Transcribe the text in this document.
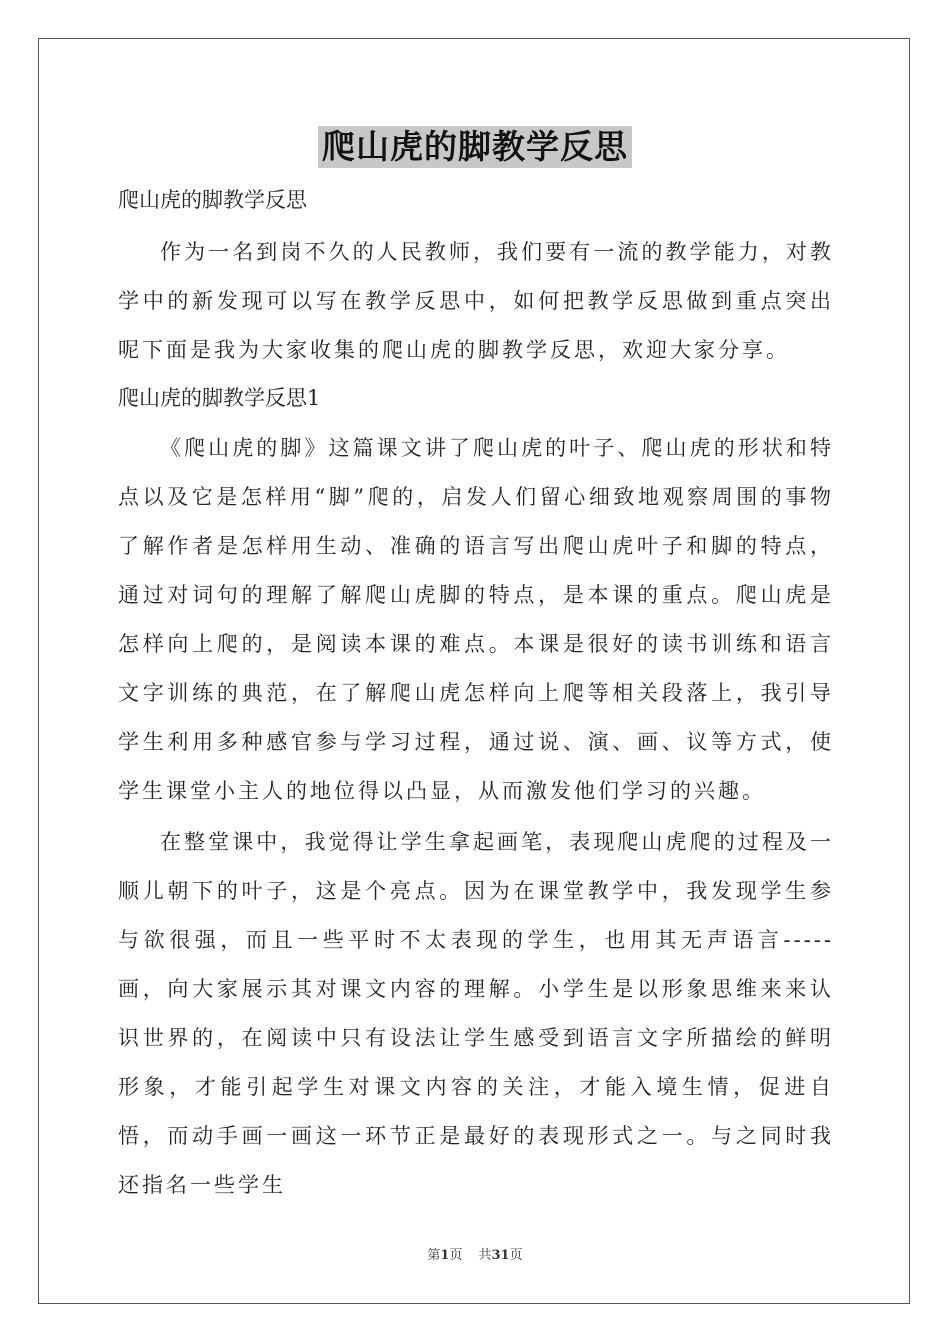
爬山虎的脚教学反思

爬山虎的脚教学反思

作为一名到岗不久的人民教师，我们要有一流的教学能力，对教学中的新发现可以写在教学反思中，如何把教学反思做到重点突出呢下面是我为大家收集的爬山虎的脚教学反思，欢迎大家分享。

爬山虎的脚教学反思1

《爬山虎的脚》这篇课文讲了爬山虎的叶子、爬山虎的形状和特点以及它是怎样用“脚”爬的，启发人们留心细致地观察周围的事物了解作者是怎样用生动、准确的语言写出爬山虎叶子和脚的特点，通过对词句的理解了解爬山虎脚的特点，是本课的重点。爬山虎是怎样向上爬的，是阅读本课的难点。本课是很好的读书训练和语言文字训练的典范，在了解爬山虎怎样向上爬等相关段落上，我引导学生利用多种感官参与学习过程，通过说、演、画、议等方式，使学生课堂小主人的地位得以凸显，从而激发他们学习的兴趣。

在整堂课中，我觉得让学生拿起画笔，表现爬山虎爬的过程及一顺儿朝下的叶子，这是个亮点。因为在课堂教学中，我发现学生参与欲很强，而且一些平时不太表现的学生，也用其无声语言-----画，向大家展示其对课文内容的理解。小学生是以形象思维来来认识世界的，在阅读中只有设法让学生感受到语言文字所描绘的鲜明形象，才能引起学生对课文内容的关注，才能入境生情，促进自悟，而动手画一画这一环节正是最好的表现形式之一。与之同时我还指名一些学生

第1页 共31页
